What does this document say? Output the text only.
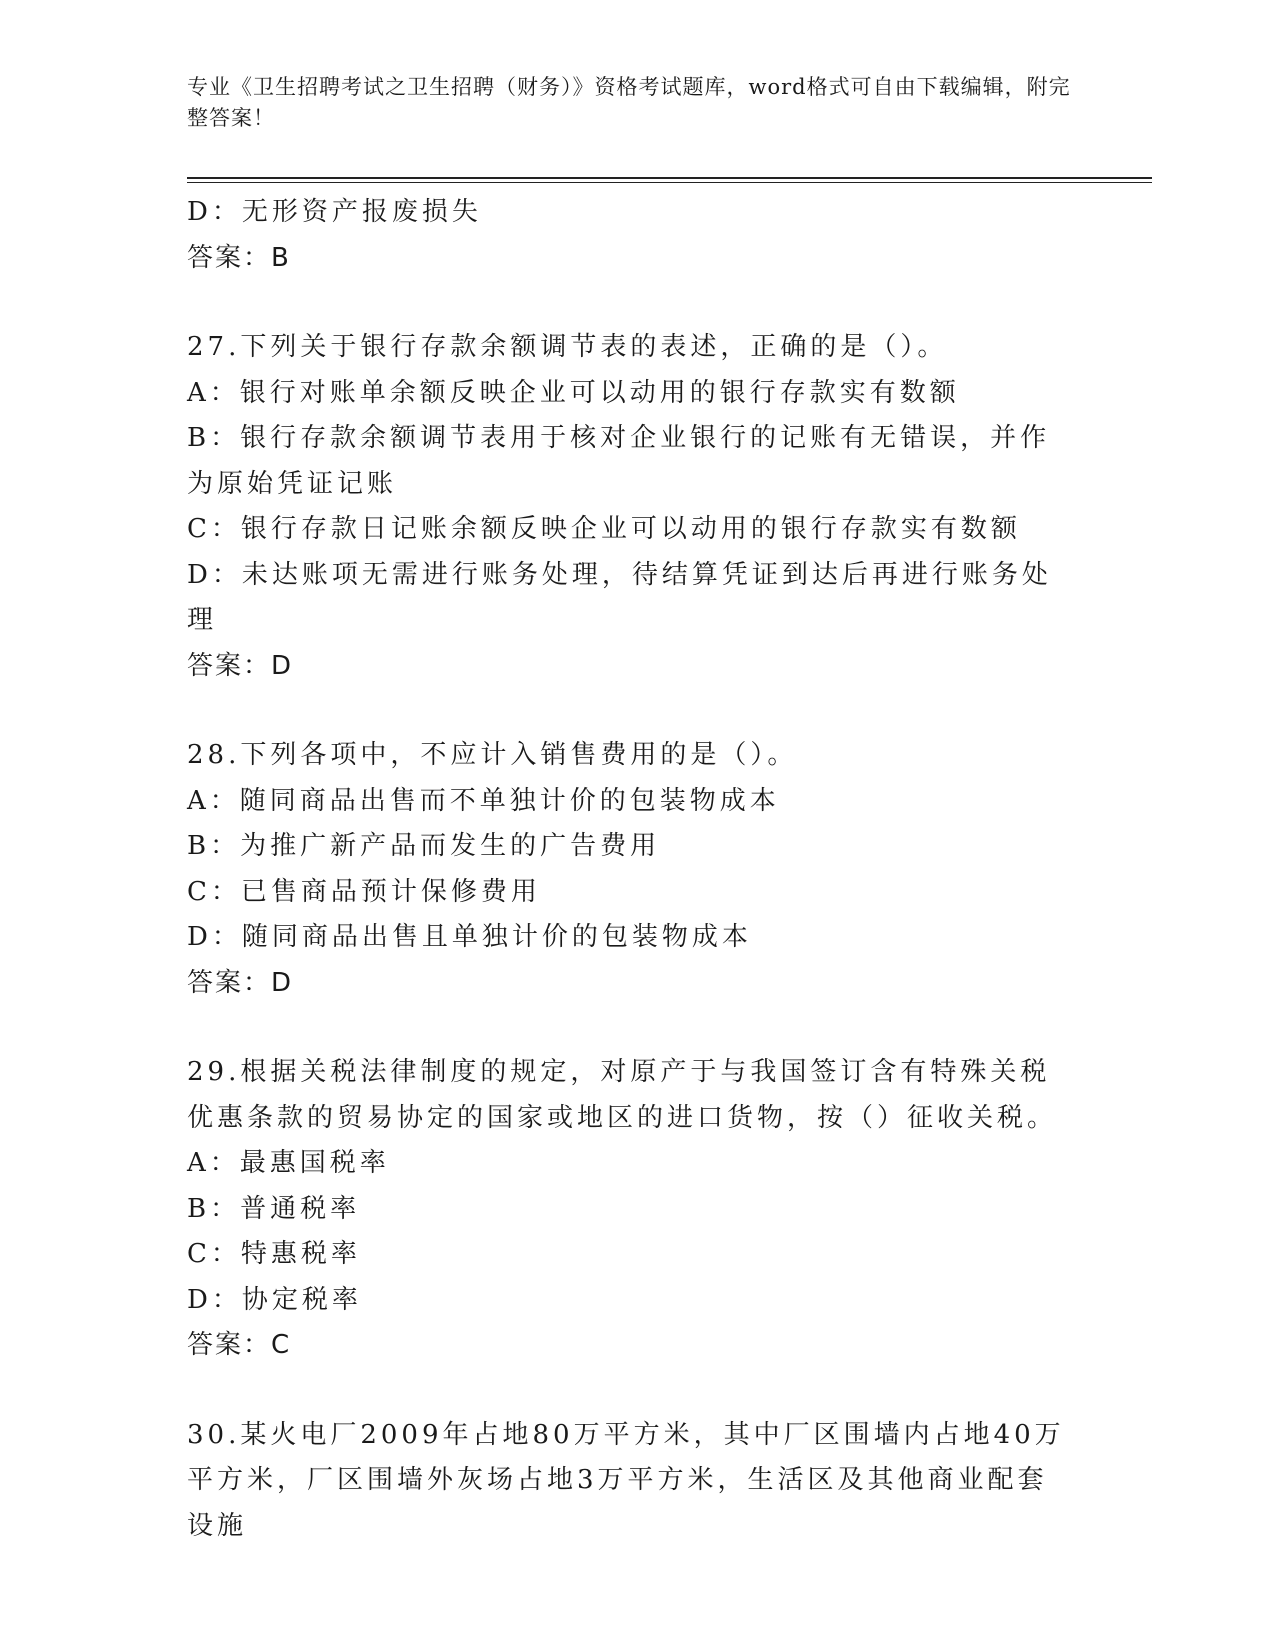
专业《卫生招聘考试之卫生招聘（财务）》资格考试题库，word格式可自由下载编辑，附完整答案！

D：无形资产报废损失

答案：B

27.下列关于银行存款余额调节表的表述，正确的是（）。

A：银行对账单余额反映企业可以动用的银行存款实有数额

B：银行存款余额调节表用于核对企业银行的记账有无错误，并作为原始凭证记账

C：银行存款日记账余额反映企业可以动用的银行存款实有数额

D：未达账项无需进行账务处理，待结算凭证到达后再进行账务处理

答案：D

28.下列各项中，不应计入销售费用的是（）。

A：随同商品出售而不单独计价的包装物成本

B：为推广新产品而发生的广告费用

C：已售商品预计保修费用

D：随同商品出售且单独计价的包装物成本

答案：D

29.根据关税法律制度的规定，对原产于与我国签订含有特殊关税优惠条款的贸易协定的国家或地区的进口货物，按（）征收关税。

A：最惠国税率

B：普通税率

C：特惠税率

D：协定税率

答案：C

30.某火电厂2009年占地80万平方米，其中厂区围墙内占地40万平方米，厂区围墙外灰场占地3万平方米，生活区及其他商业配套设施
